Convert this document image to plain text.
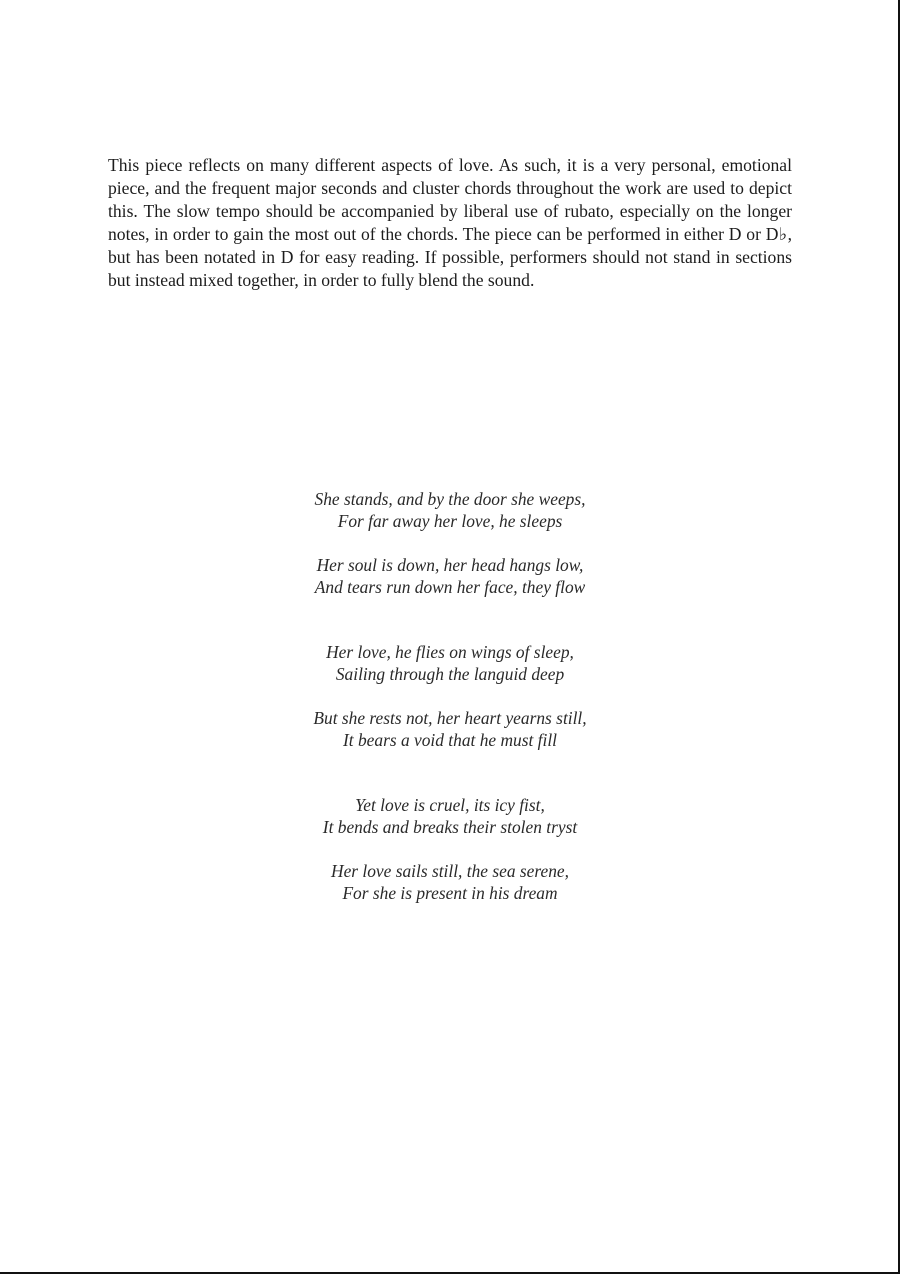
This piece reflects on many different aspects of love. As such, it is a very personal, emotional piece, and the frequent major seconds and cluster chords throughout the work are used to depict this. The slow tempo should be accompanied by liberal use of rubato, especially on the longer notes, in order to gain the most out of the chords. The piece can be performed in either D or D♭, but has been notated in D for easy reading. If possible, performers should not stand in sections but instead mixed together, in order to fully blend the sound.

She stands, and by the door she weeps,
For far away her love, he sleeps
Her soul is down, her head hangs low,
And tears run down her face, they flow
Her love, he flies on wings of sleep,
Sailing through the languid deep
But she rests not, her heart yearns still,
It bears a void that he must fill
Yet love is cruel, its icy fist,
It bends and breaks their stolen tryst
Her love sails still, the sea serene,
For she is present in his dream
